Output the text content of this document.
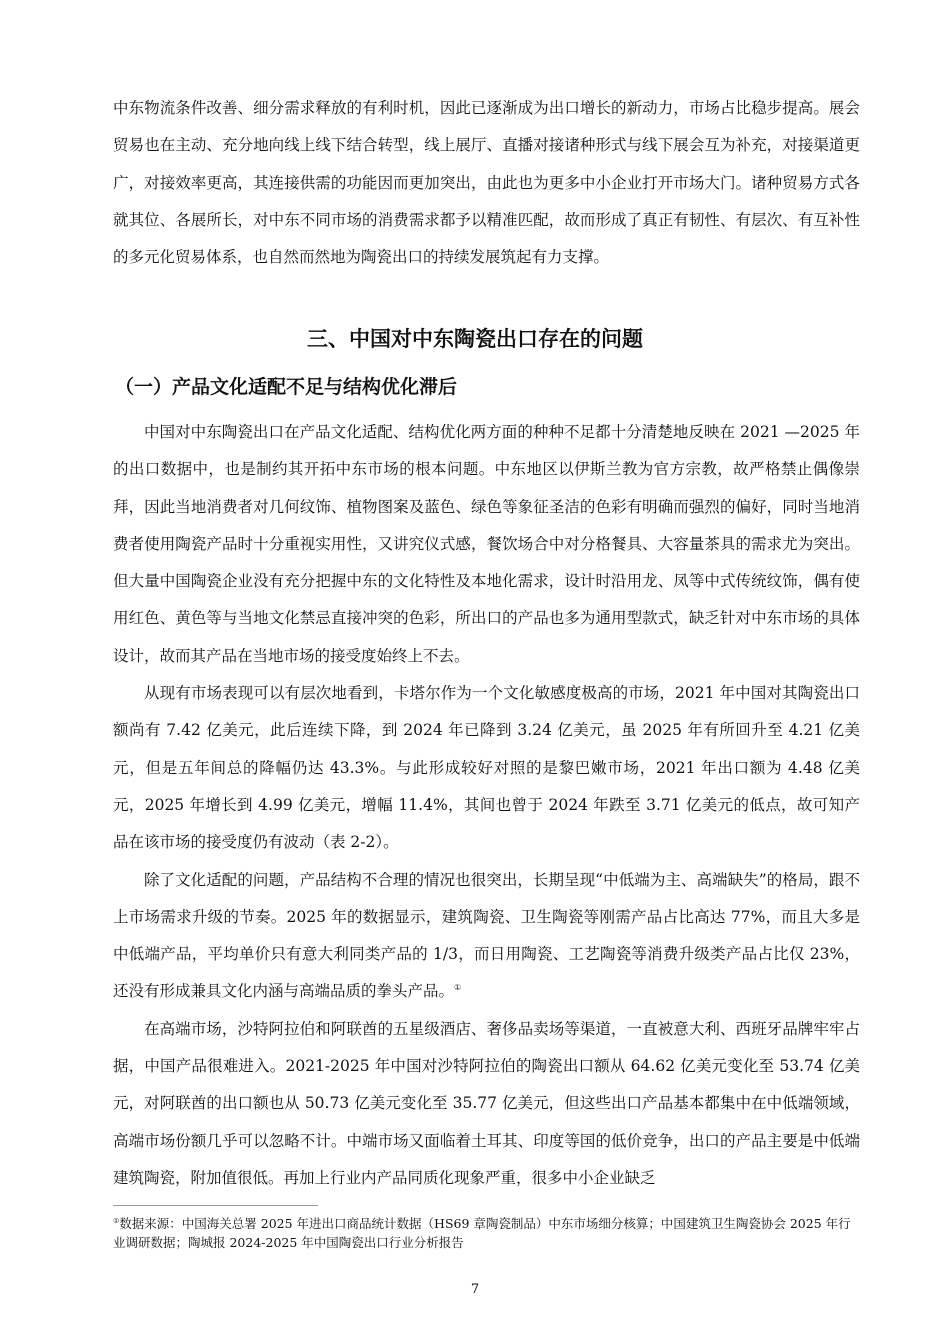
中东物流条件改善、细分需求释放的有利时机，因此已逐渐成为出口增长的新动力，市场占比稳步提高。展会贸易也在主动、充分地向线上线下结合转型，线上展厅、直播对接诸种形式与线下展会互为补充，对接渠道更广，对接效率更高，其连接供需的功能因而更加突出，由此也为更多中小企业打开市场大门。诸种贸易方式各就其位、各展所长，对中东不同市场的消费需求都予以精准匹配，故而形成了真正有韧性、有层次、有互补性的多元化贸易体系，也自然而然地为陶瓷出口的持续发展筑起有力支撑。

三、中国对中东陶瓷出口存在的问题
（一）产品文化适配不足与结构优化滞后

中国对中东陶瓷出口在产品文化适配、结构优化两方面的种种不足都十分清楚地反映在 2021 —2025 年的出口数据中，也是制约其开拓中东市场的根本问题。中东地区以伊斯兰教为官方宗教，故严格禁止偶像崇拜，因此当地消费者对几何纹饰、植物图案及蓝色、绿色等象征圣洁的色彩有明确而强烈的偏好，同时当地消费者使用陶瓷产品时十分重视实用性，又讲究仪式感，餐饮场合中对分格餐具、大容量茶具的需求尤为突出。但大量中国陶瓷企业没有充分把握中东的文化特性及本地化需求，设计时沿用龙、凤等中式传统纹饰，偶有使用红色、黄色等与当地文化禁忌直接冲突的色彩，所出口的产品也多为通用型款式，缺乏针对中东市场的具体设计，故而其产品在当地市场的接受度始终上不去。

从现有市场表现可以有层次地看到，卡塔尔作为一个文化敏感度极高的市场，2021 年中国对其陶瓷出口额尚有 7.42 亿美元，此后连续下降，到 2024 年已降到 3.24 亿美元，虽 2025 年有所回升至 4.21 亿美元，但是五年间总的降幅仍达 43.3%。与此形成较好对照的是黎巴嫩市场，2021 年出口额为 4.48 亿美元，2025 年增长到 4.99 亿美元，增幅 11.4%，其间也曾于 2024 年跌至 3.71 亿美元的低点，故可知产品在该市场的接受度仍有波动（表 2-2）。

除了文化适配的问题，产品结构不合理的情况也很突出，长期呈现“中低端为主、高端缺失”的格局，跟不上市场需求升级的节奏。2025 年的数据显示，建筑陶瓷、卫生陶瓷等刚需产品占比高达 77%，而且大多是中低端产品，平均单价只有意大利同类产品的 1/3，而日用陶瓷、工艺陶瓷等消费升级类产品占比仅 23%，还没有形成兼具文化内涵与高端品质的拳头产品。①

在高端市场，沙特阿拉伯和阿联酋的五星级酒店、奢侈品卖场等渠道，一直被意大利、西班牙品牌牢牢占据，中国产品很难进入。2021-2025 年中国对沙特阿拉伯的陶瓷出口额从 64.62 亿美元变化至 53.74 亿美元，对阿联酋的出口额也从 50.73 亿美元变化至 35.77 亿美元，但这些出口产品基本都集中在中低端领域，高端市场份额几乎可以忽略不计。中端市场又面临着土耳其、印度等国的低价竞争，出口的产品主要是中低端建筑陶瓷，附加值很低。再加上行业内产品同质化现象严重，很多中小企业缺乏

①数据来源：中国海关总署 2025 年进出口商品统计数据（HS69 章陶瓷制品）中东市场细分核算；中国建筑卫生陶瓷协会 2025 年行业调研数据；陶城报 2024-2025 年中国陶瓷出口行业分析报告

7
